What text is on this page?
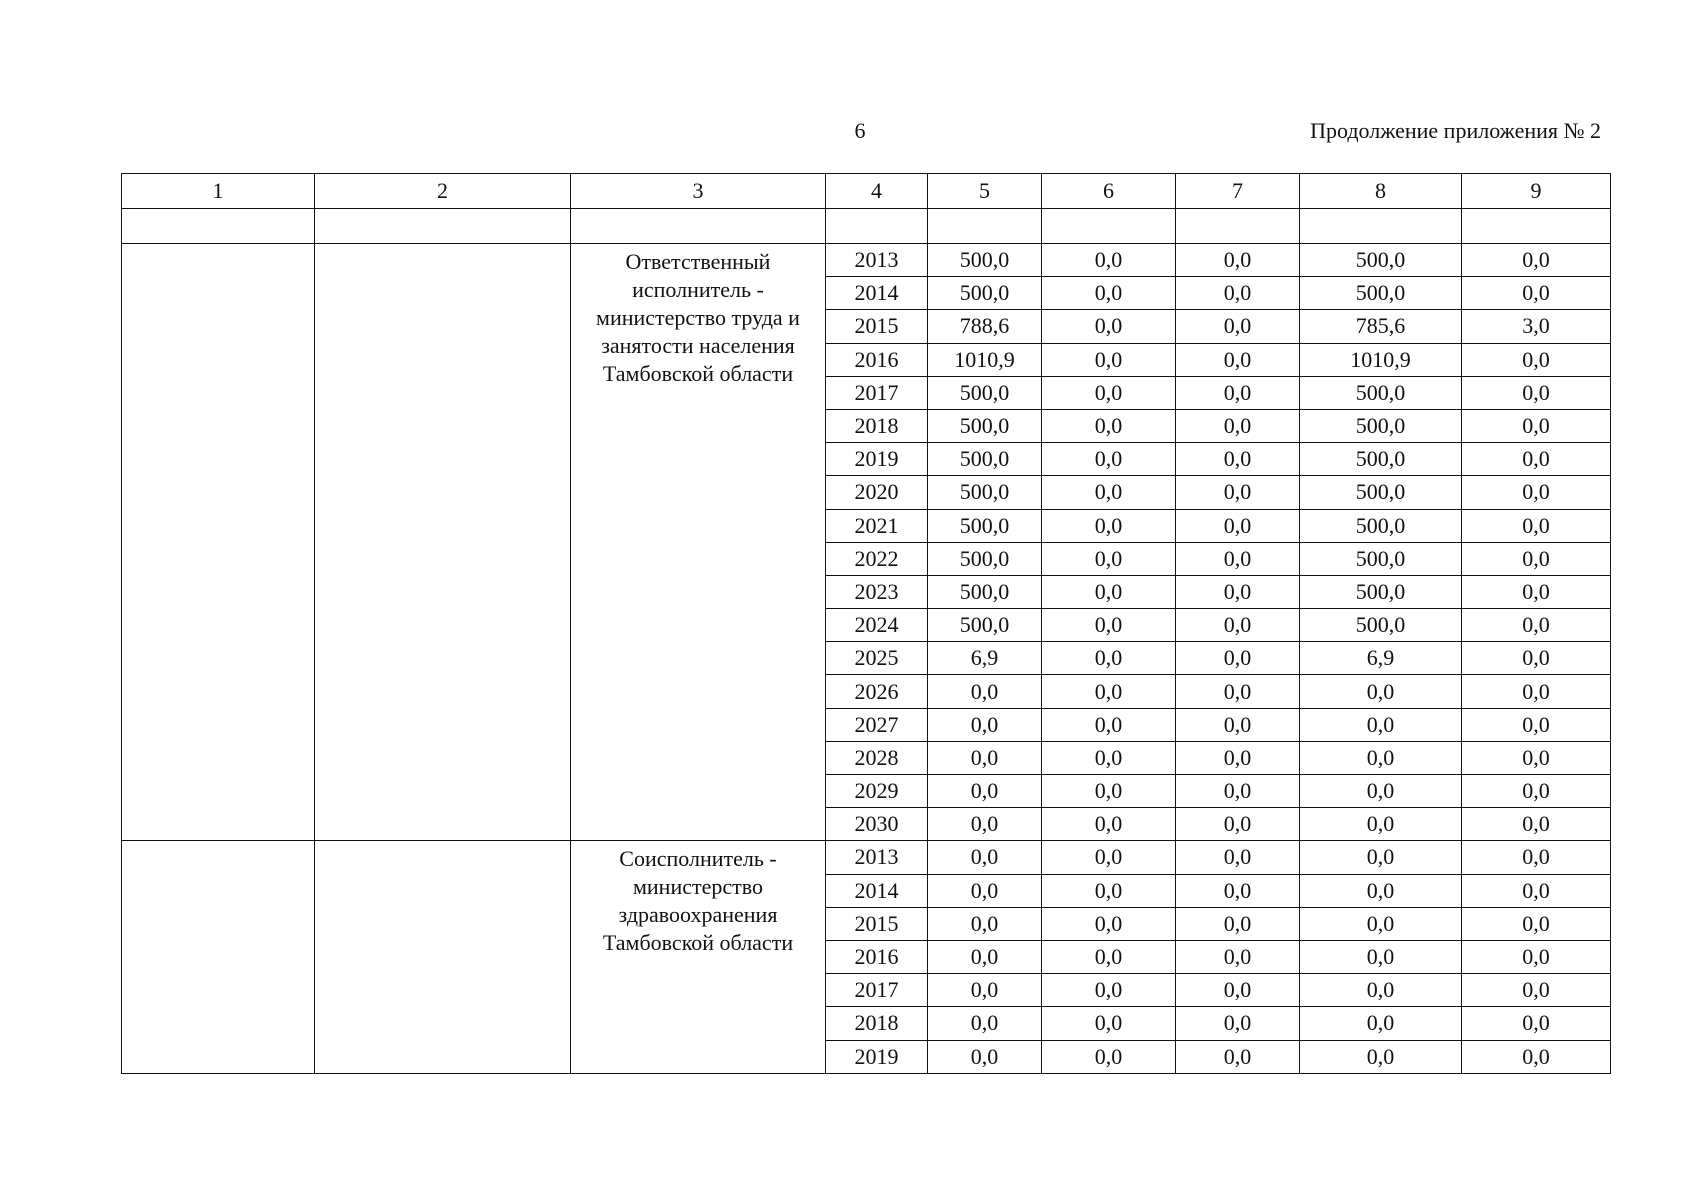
6	Продолжение приложения № 2
1	2	3	4	5	6	7	8	9

		Ответственный исполнитель - министерство труда и занятости населения Тамбовской области	2013	500,0	0,0	0,0	500,0	0,0
			2014	500,0	0,0	0,0	500,0	0,0
			2015	788,6	0,0	0,0	785,6	3,0
			2016	1010,9	0,0	0,0	1010,9	0,0
			2017	500,0	0,0	0,0	500,0	0,0
			2018	500,0	0,0	0,0	500,0	0,0
			2019	500,0	0,0	0,0	500,0	0,0
			2020	500,0	0,0	0,0	500,0	0,0
			2021	500,0	0,0	0,0	500,0	0,0
			2022	500,0	0,0	0,0	500,0	0,0
			2023	500,0	0,0	0,0	500,0	0,0
			2024	500,0	0,0	0,0	500,0	0,0
			2025	6,9	0,0	0,0	6,9	0,0
			2026	0,0	0,0	0,0	0,0	0,0
			2027	0,0	0,0	0,0	0,0	0,0
			2028	0,0	0,0	0,0	0,0	0,0
			2029	0,0	0,0	0,0	0,0	0,0
			2030	0,0	0,0	0,0	0,0	0,0
		Соисполнитель - министерство здравоохранения Тамбовской области	2013	0,0	0,0	0,0	0,0	0,0
			2014	0,0	0,0	0,0	0,0	0,0
			2015	0,0	0,0	0,0	0,0	0,0
			2016	0,0	0,0	0,0	0,0	0,0
			2017	0,0	0,0	0,0	0,0	0,0
			2018	0,0	0,0	0,0	0,0	0,0
			2019	0,0	0,0	0,0	0,0	0,0
